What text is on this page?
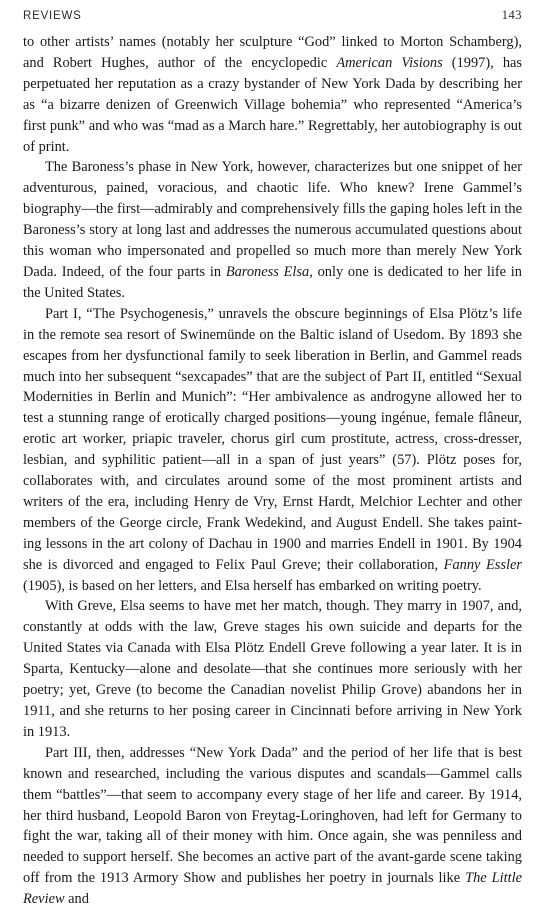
REVIEWS	143

to other artists’ names (notably her sculpture “God” linked to Morton Schamberg), and Robert Hughes, author of the encyclopedic American Visions (1997), has perpetuated her reputation as a crazy bystander of New York Dada by describing her as “a bizarre denizen of Greenwich Village bohemia” who represented “America’s first punk” and who was “mad as a March hare.” Regrettably, her autobiography is out of print.

The Baroness’s phase in New York, however, characterizes but one snippet of her adventurous, pained, voracious, and chaotic life. Who knew? Irene Gammel’s biography—the first—admirably and comprehensively fills the gaping holes left in the Baroness’s story at long last and addresses the numerous accumulated questions about this woman who impersonated and propelled so much more than merely New York Dada. Indeed, of the four parts in Baroness Elsa, only one is dedicated to her life in the United States.

Part I, “The Psychogenesis,” unravels the obscure beginnings of Elsa Plötz’s life in the remote sea resort of Swinemünde on the Baltic island of Usedom. By 1893 she escapes from her dysfunctional family to seek liberation in Berlin, and Gammel reads much into her subsequent “sexcapades” that are the subject of Part II, entitled “Sexual Modernities in Berlin and Munich”: “Her ambivalence as androgyne allowed her to test a stunning range of erotically charged positions—young ingénue, female flâneur, erotic art worker, priapic traveler, chorus girl cum prostitute, actress, cross-dresser, lesbian, and syphilitic patient—all in a span of just years” (57). Plötz poses for, collaborates with, and circulates around some of the most prominent artists and writers of the era, including Henry de Vry, Ernst Hardt, Melchior Lechter and other members of the George circle, Frank Wedekind, and August Endell. She takes painting lessons in the art colony of Dachau in 1900 and marries Endell in 1901. By 1904 she is divorced and engaged to Felix Paul Greve; their collaboration, Fanny Essler (1905), is based on her letters, and Elsa herself has embarked on writing poetry.

With Greve, Elsa seems to have met her match, though. They marry in 1907, and, constantly at odds with the law, Greve stages his own suicide and departs for the United States via Canada with Elsa Plötz Endell Greve following a year later. It is in Sparta, Kentucky—alone and desolate—that she continues more seriously with her poetry; yet, Greve (to become the Canadian novelist Philip Grove) abandons her in 1911, and she returns to her posing career in Cincinnati before arriving in New York in 1913.

Part III, then, addresses “New York Dada” and the period of her life that is best known and researched, including the various disputes and scandals—Gammel calls them “battles”—that seem to accompany every stage of her life and career. By 1914, her third husband, Leopold Baron von Freytag-Loringhoven, had left for Germany to fight the war, taking all of their money with him. Once again, she was penniless and needed to support herself. She becomes an active part of the avant-garde scene taking off from the 1913 Armory Show and publishes her poetry in journals like The Little Review and
